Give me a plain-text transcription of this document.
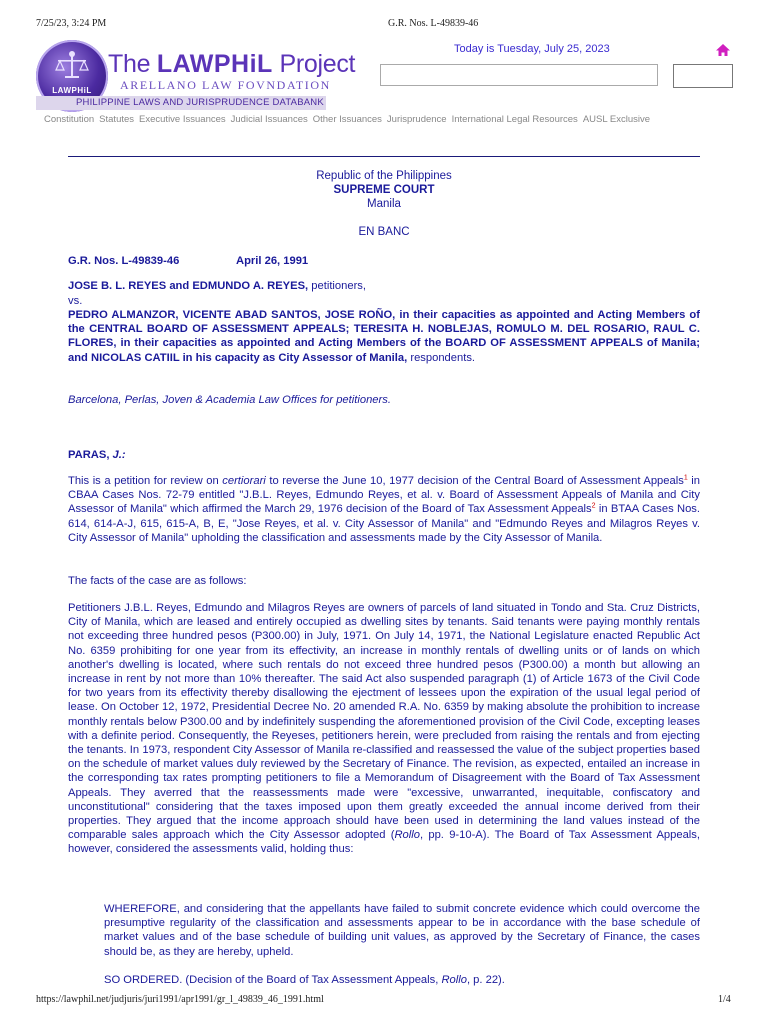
7/25/23, 3:24 PM	G.R. Nos. L-49839-46
LAWPHiL
The LAWPHiL Project
ARELLANO LAW FOVNDATION
PHILIPPINE LAWS AND JURISPRUDENCE DATABANK
Today is Tuesday, July 25, 2023
Constitution Statutes Executive Issuances Judicial Issuances Other Issuances Jurisprudence International Legal Resources AUSL Exclusive
Republic of the Philippines
SUPREME COURT
Manila
EN BANC
G.R. Nos. L-49839-46	April 26, 1991
JOSE B. L. REYES and EDMUNDO A. REYES, petitioners,
vs.
PEDRO ALMANZOR, VICENTE ABAD SANTOS, JOSE ROÑO, in their capacities as appointed and Acting Members of the CENTRAL BOARD OF ASSESSMENT APPEALS; TERESITA H. NOBLEJAS, ROMULO M. DEL ROSARIO, RAUL C. FLORES, in their capacities as appointed and Acting Members of the BOARD OF ASSESSMENT APPEALS of Manila; and NICOLAS CATIIL in his capacity as City Assessor of Manila, respondents.
Barcelona, Perlas, Joven & Academia Law Offices for petitioners.
PARAS, J.:
This is a petition for review on certiorari to reverse the June 10, 1977 decision of the Central Board of Assessment Appeals$^1$ in CBAA Cases Nos. 72-79 entitled "J.B.L. Reyes, Edmundo Reyes, et al. v. Board of Assessment Appeals of Manila and City Assessor of Manila" which affirmed the March 29, 1976 decision of the Board of Tax Assessment Appeals$^2$ in BTAA Cases Nos. 614, 614-A-J, 615, 615-A, B, E, "Jose Reyes, et al. v. City Assessor of Manila" and "Edmundo Reyes and Milagros Reyes v. City Assessor of Manila" upholding the classification and assessments made by the City Assessor of Manila.
The facts of the case are as follows:
Petitioners J.B.L. Reyes, Edmundo and Milagros Reyes are owners of parcels of land situated in Tondo and Sta. Cruz Districts, City of Manila, which are leased and entirely occupied as dwelling sites by tenants. Said tenants were paying monthly rentals not exceeding three hundred pesos (P300.00) in July, 1971. On July 14, 1971, the National Legislature enacted Republic Act No. 6359 prohibiting for one year from its effectivity, an increase in monthly rentals of dwelling units or of lands on which another's dwelling is located, where such rentals do not exceed three hundred pesos (P300.00) a month but allowing an increase in rent by not more than 10% thereafter. The said Act also suspended paragraph (1) of Article 1673 of the Civil Code for two years from its effectivity thereby disallowing the ejectment of lessees upon the expiration of the usual legal period of lease. On October 12, 1972, Presidential Decree No. 20 amended R.A. No. 6359 by making absolute the prohibition to increase monthly rentals below P300.00 and by indefinitely suspending the aforementioned provision of the Civil Code, excepting leases with a definite period. Consequently, the Reyeses, petitioners herein, were precluded from raising the rentals and from ejecting the tenants. In 1973, respondent City Assessor of Manila re-classified and reassessed the value of the subject properties based on the schedule of market values duly reviewed by the Secretary of Finance. The revision, as expected, entailed an increase in the corresponding tax rates prompting petitioners to file a Memorandum of Disagreement with the Board of Tax Assessment Appeals. They averred that the reassessments made were "excessive, unwarranted, inequitable, confiscatory and unconstitutional" considering that the taxes imposed upon them greatly exceeded the annual income derived from their properties. They argued that the income approach should have been used in determining the land values instead of the comparable sales approach which the City Assessor adopted (Rollo, pp. 9-10-A). The Board of Tax Assessment Appeals, however, considered the assessments valid, holding thus:
WHEREFORE, and considering that the appellants have failed to submit concrete evidence which could overcome the presumptive regularity of the classification and assessments appear to be in accordance with the base schedule of market values and of the base schedule of building unit values, as approved by the Secretary of Finance, the cases should be, as they are hereby, upheld.
SO ORDERED. (Decision of the Board of Tax Assessment Appeals, Rollo, p. 22).
https://lawphil.net/judjuris/juri1991/apr1991/gr_l_49839_46_1991.html	1/4
